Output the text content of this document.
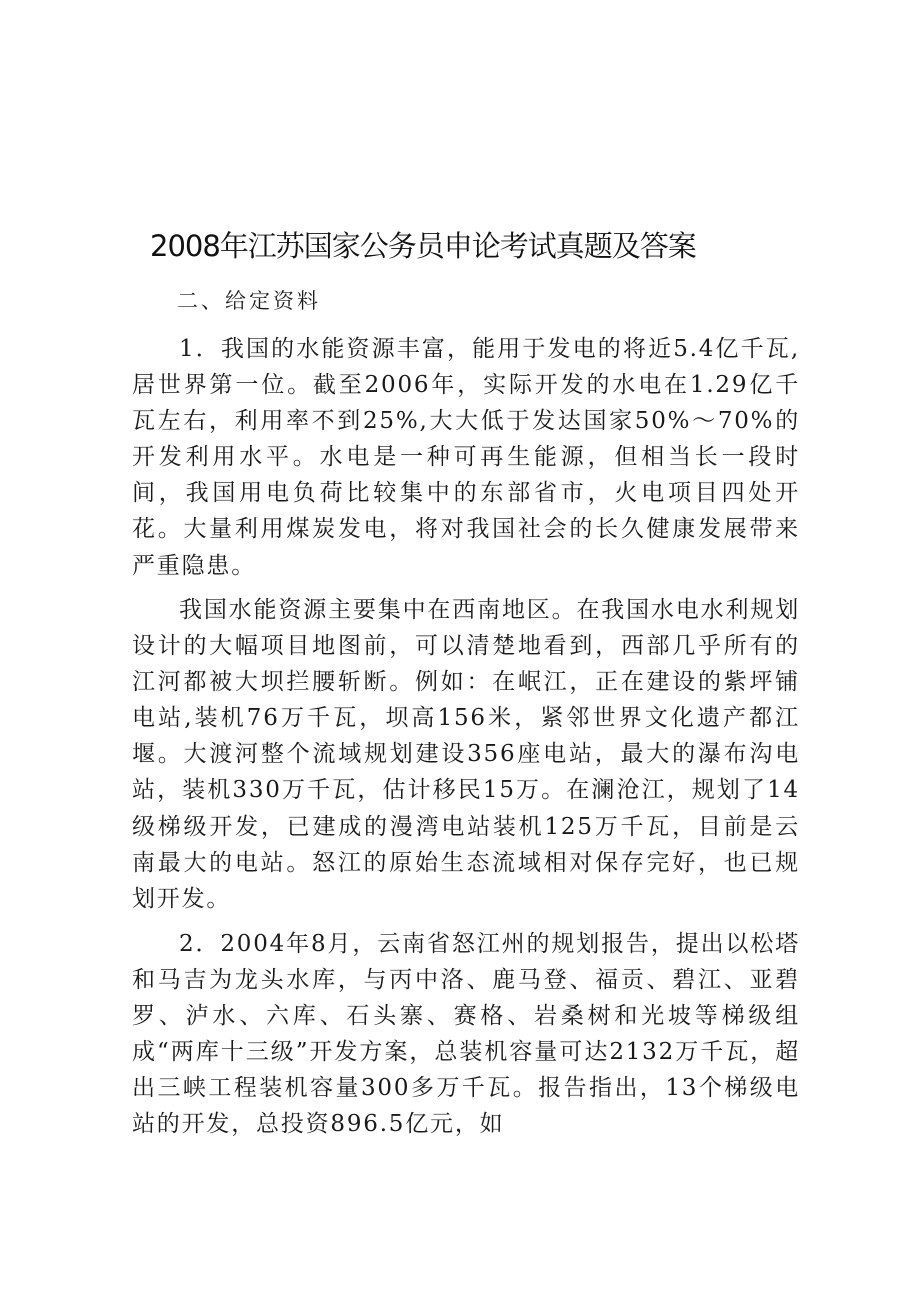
2008年江苏国家公务员申论考试真题及答案

二、给定资料

1．我国的水能资源丰富，能用于发电的将近5.4亿千瓦,居世界第一位。截至2006年，实际开发的水电在1.29亿千瓦左右，利用率不到25%,大大低于发达国家50%～70%的开发利用水平。水电是一种可再生能源，但相当长一段时间，我国用电负荷比较集中的东部省市，火电项目四处开花。大量利用煤炭发电，将对我国社会的长久健康发展带来严重隐患。

我国水能资源主要集中在西南地区。在我国水电水利规划设计的大幅项目地图前，可以清楚地看到，西部几乎所有的江河都被大坝拦腰斩断。例如：在岷江，正在建设的紫坪铺电站,装机76万千瓦，坝高156米，紧邻世界文化遗产都江堰。大渡河整个流域规划建设356座电站，最大的瀑布沟电站，装机330万千瓦，估计移民15万。在澜沧江，规划了14级梯级开发，已建成的漫湾电站装机125万千瓦，目前是云南最大的电站。怒江的原始生态流域相对保存完好，也已规划开发。

2．2004年8月，云南省怒江州的规划报告，提出以松塔和马吉为龙头水库，与丙中洛、鹿马登、福贡、碧江、亚碧罗、泸水、六库、石头寨、赛格、岩桑树和光坡等梯级组成“两库十三级”开发方案，总装机容量可达2132万千瓦，超出三峡工程装机容量300多万千瓦。报告指出，13个梯级电站的开发，总投资896.5亿元，如
